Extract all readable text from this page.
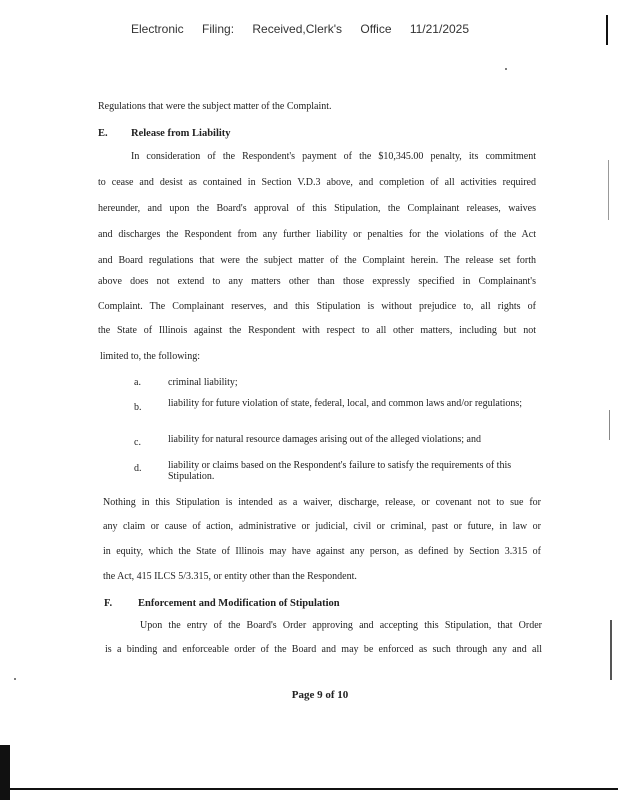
Electronic Filing: Received,Clerk's Office 11/21/2025
Regulations that were the subject matter of the Complaint.
E. Release from Liability
In consideration of the Respondent's payment of the $10,345.00 penalty, its commitment
to cease and desist as contained in Section V.D.3 above, and completion of all activities required
hereunder, and upon the Board's approval of this Stipulation, the Complainant releases, waives
and discharges the Respondent from any further liability or penalties for the violations of the Act
and Board regulations that were the subject matter of the Complaint herein. The release set forth
above does not extend to any matters other than those expressly specified in Complainant's
Complaint. The Complainant reserves, and this Stipulation is without prejudice to, all rights of
the State of Illinois against the Respondent with respect to all other matters, including but not
limited to, the following:
a.	criminal liability;
b.	liability for future violation of state, federal, local, and common laws and/or regulations;
c.	liability for natural resource damages arising out of the alleged violations; and
d.	liability or claims based on the Respondent's failure to satisfy the requirements of this Stipulation.
Nothing in this Stipulation is intended as a waiver, discharge, release, or covenant not to sue for
any claim or cause of action, administrative or judicial, civil or criminal, past or future, in law or
in equity, which the State of Illinois may have against any person, as defined by Section 3.315 of
the Act, 415 ILCS 5/3.315, or entity other than the Respondent.
F. Enforcement and Modification of Stipulation
Upon the entry of the Board's Order approving and accepting this Stipulation, that Order
is a binding and enforceable order of the Board and may be enforced as such through any and all
Page 9 of 10
